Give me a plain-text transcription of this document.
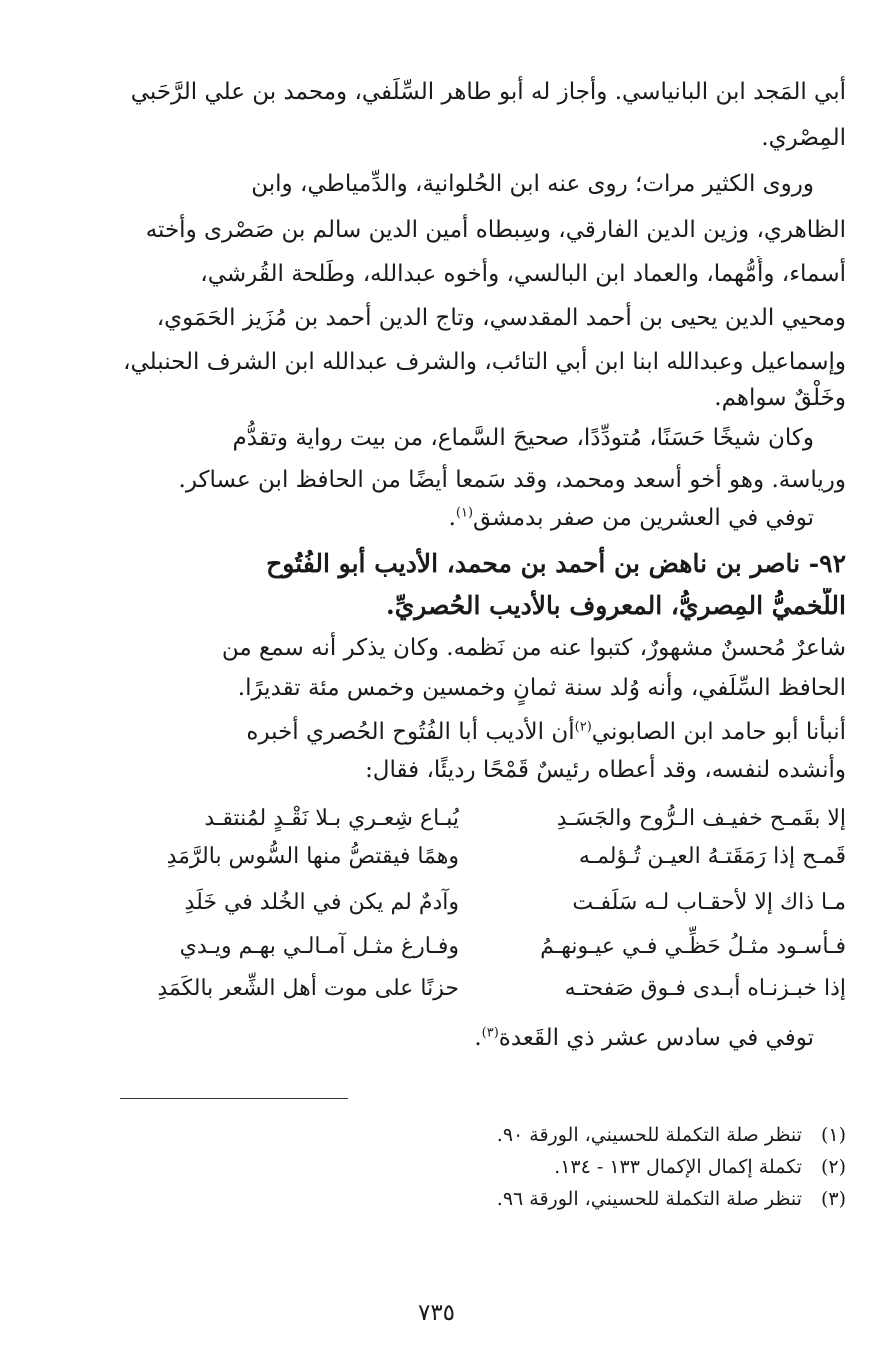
أبي المَجد ابن البانياسي. وأجاز له أبو طاهر السِّلَفي، ومحمد بن علي الرَّحَبي
المِصْري.
وروى الكثير مرات؛ روى عنه ابن الحُلوانية، والدِّمياطي، وابن
الظاهري، وزين الدين الفارقي، وسِبطاه أمين الدين سالم بن صَصْرى وأخته
أسماء، وأُمُّهما، والعماد ابن البالسي، وأخوه عبدالله، وطَلحة القُرشي،
ومحيي الدين يحيى بن أحمد المقدسي، وتاج الدين أحمد بن مُزَيز الحَمَوي،
وإسماعيل وعبدالله ابنا ابن أبي التائب، والشرف عبدالله ابن الشرف الحنبلي،
وخَلْقٌ سواهم.
وكان شيخًا حَسَنًا، مُتودِّدًا، صحيحَ السَّماع، من بيت رواية وتقدُّم
ورياسة. وهو أخو أسعد ومحمد، وقد سَمعا أيضًا من الحافظ ابن عساكر.
توفي في العشرين من صفر بدمشق$^{(١)}$.
٩٢- ناصر بن ناهض بن أحمد بن محمد، الأديب أبو الفُتُوح
اللَّخميُّ المِصريُّ، المعروف بالأديب الحُصريِّ.
شاعرٌ مُحسنٌ مشهورٌ، كتبوا عنه من نَظمه. وكان يذكر أنه سمع من
الحافظ السِّلَفي، وأنه وُلد سنة ثمانٍ وخمسين وخمس مئة تقديرًا.
أنبأنا أبو حامد ابن الصابوني$^{(٢)}$أن الأديب أبا الفُتُوح الحُصري أخبره
وأنشده لنفسه، وقد أعطاه رئيسٌ قَمْحًا رديئًا، فقال:
إلا بقَمـح خفيـف الـرُّوح والجَسَـدِ
يُبـاع شِعـري بـلا نَقْـدٍ لمُنتقـد
قَمـح إذا رَمَقَتـهُ العيـن تُـؤلمـه
وهمًا فيقتصُّ منها السُّوس بالرَّمَدِ
مـا ذاك إلا لأحقـاب لـه سَلَفـت
وآدمٌ لم يكن في الخُلد في خَلَدِ
فـأسـود مثـلُ حَظِّـي فـي عيـونهـمُ
وفـارغ مثـل آمـالـي بهـم ويـدي
إذا خبـزنـاه أبـدى فـوق صَفحتـه
حزنًا على موت أهل الشِّعر بالكَمَدِ
توفي في سادس عشر ذي القَعدة$^{(٣)}$.
(١) تنظر صلة التكملة للحسيني، الورقة ٩٠.
(٢) تكملة إكمال الإكمال ١٣٣ - ١٣٤.
(٣) تنظر صلة التكملة للحسيني، الورقة ٩٦.
٧٣٥
